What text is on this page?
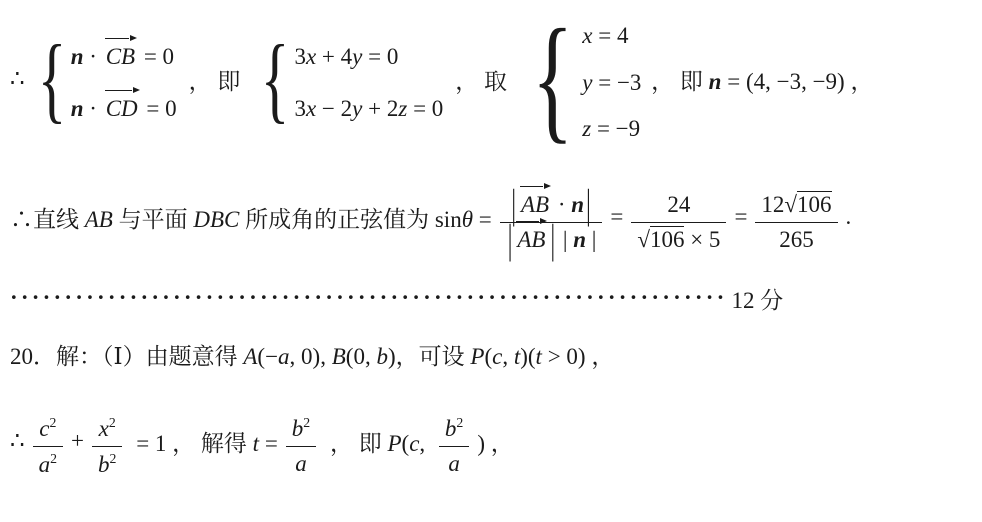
∴ { n · CB = 0
n · CD = 0
， 即 { 3x + 4y = 0
3x − 2y + 2z = 0
， 取 { x = 4
y = −3
z = −9
， 即 n = (4, −3, −9) ，
∴直线 AB 与平面 DBC 所成角的正弦值为 $\sin\theta = \frac{| AB \cdot n|}{| AB | | n |} = \frac{24}{√106 \times 5} = \frac{12√106}{265}$ .
·································································· 12 分
20．解：（Ⅰ）由题意得 A(−a, 0), B(0, b)，可设 P(c, t)(t > 0) ，
∴ $\frac{c^2}{a^2} + \frac{x^2}{b^2} = 1$ ， 解得 $t = \frac{b^2}{a}$ ， 即 P(c, $\frac{b^2}{a}$ ) ，
